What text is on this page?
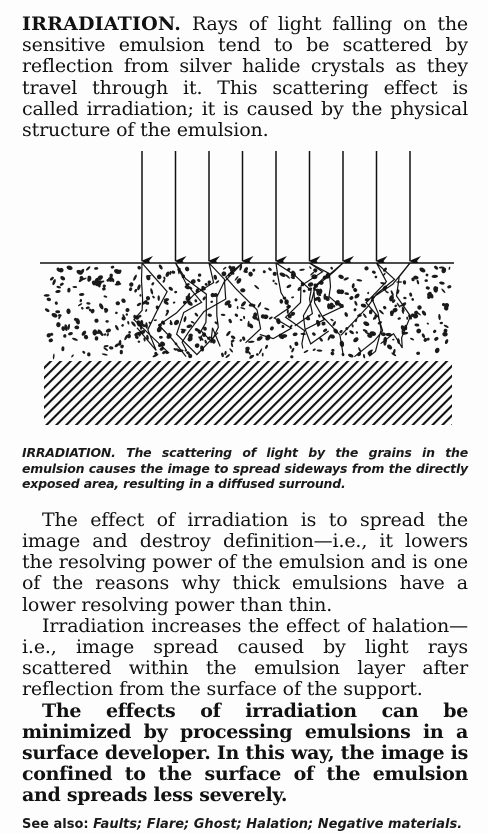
IRRADIATION. Rays of light falling on the sensitive emulsion tend to be scattered by reflection from silver halide crystals as they travel through it. This scattering effect is called irradiation; it is caused by the physical structure of the emulsion.

IRRADIATION. The scattering of light by the grains in the emulsion causes the image to spread sideways from the directly exposed area, resulting in a diffused surround.

The effect of irradiation is to spread the image and destroy definition—i.e., it lowers the resolving power of the emulsion and is one of the reasons why thick emulsions have a lower resolving power than thin.

Irradiation increases the effect of halation—i.e., image spread caused by light rays scattered within the emulsion layer after reflection from the surface of the support.

The effects of irradiation can be minimized by processing emulsions in a surface developer. In this way, the image is confined to the surface of the emulsion and spreads less severely.

See also: Faults; Flare; Ghost; Halation; Negative materials.
